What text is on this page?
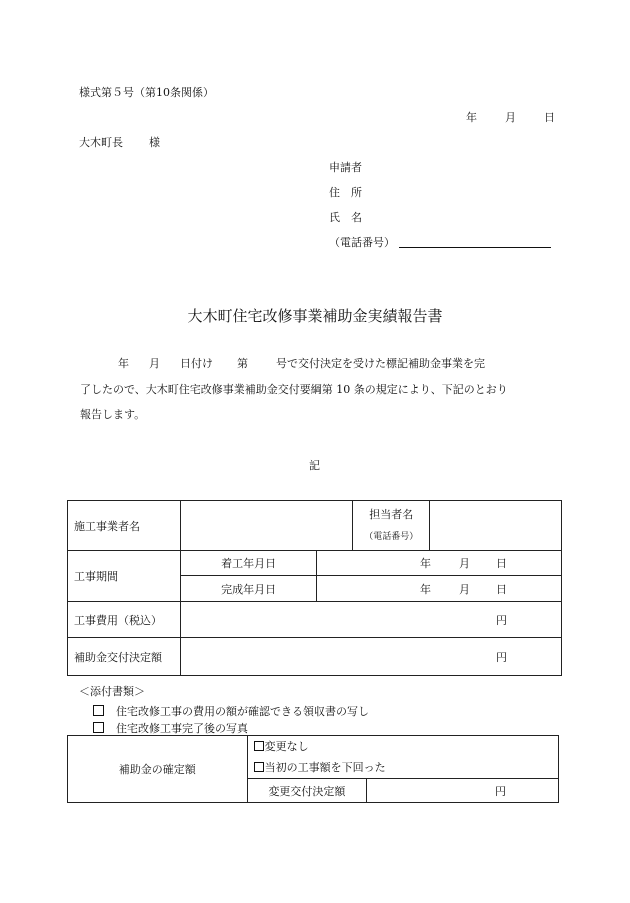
様式第５号（第10条関係）
年	月	日
大木町長 様
申請者
住　所
氏　名
（電話番号）
大木町住宅改修事業補助金実績報告書
年 月 日付け 第	号で交付決定を受けた標記補助金事業を完
了したので、大木町住宅改修事業補助金交付要綱第 10 条の規定により、下記のとおり
報告します。
記
施工事業者名			担当者名
（電話番号）	

工事期間	着工年月日	年 月 日		
	完成年月日	年 月 日		
工事費用（税込）	円			
補助金交付決定額	円			
＜添付書類＞
住宅改修工事の費用の額が確認できる領収書の写し
住宅改修工事完了後の写真
補助金の確定額	変更なし	
	当初の工事額を下回った	
	変更交付決定額	円
